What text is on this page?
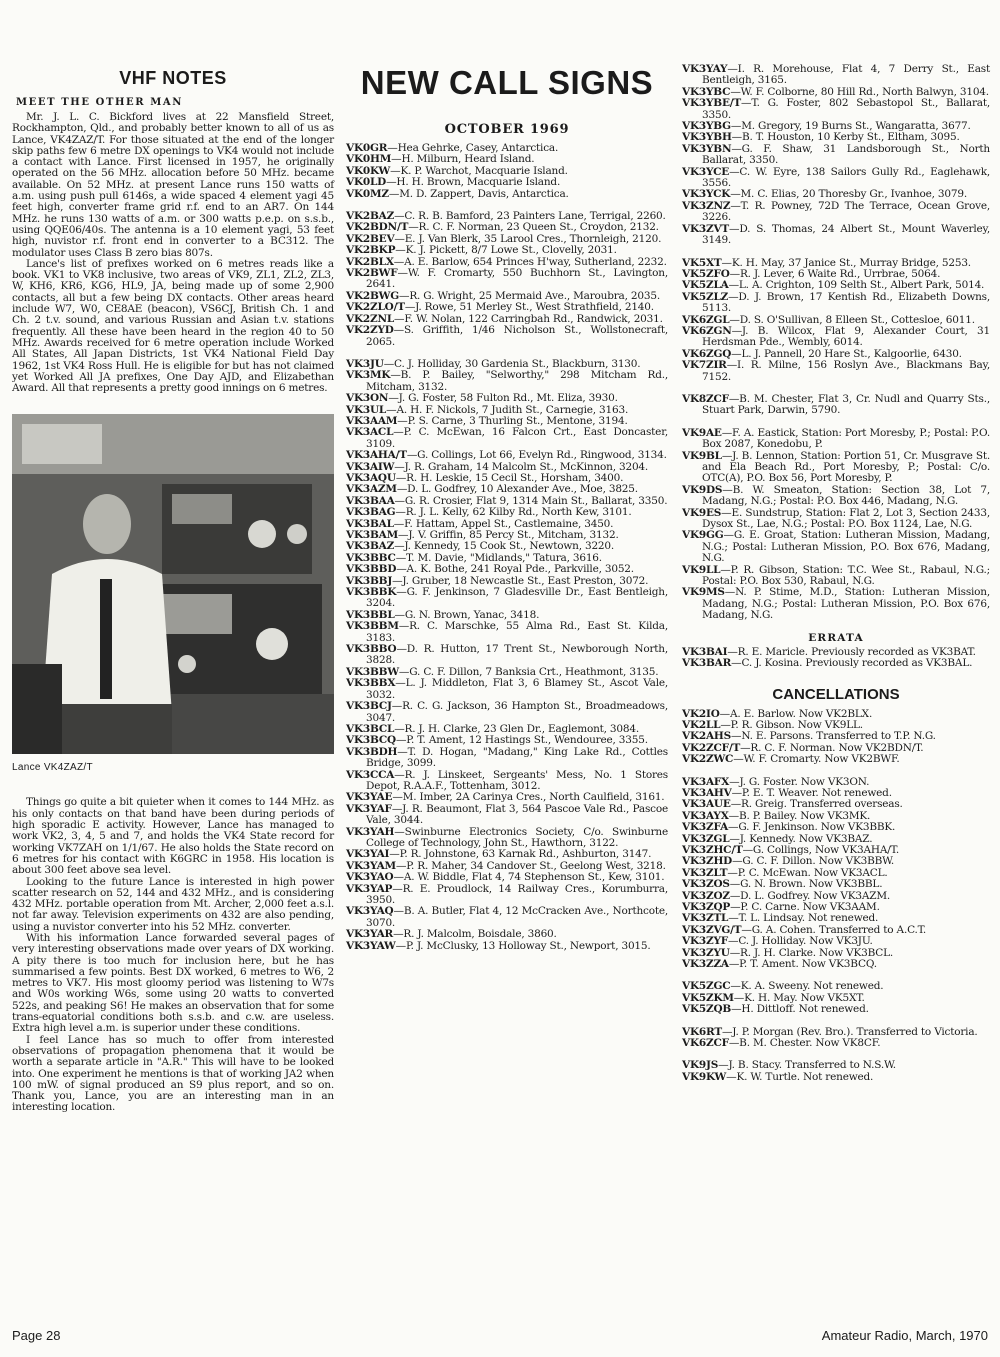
VHF NOTES
MEET THE OTHER MAN

Mr. J. L. C. Bickford lives at 22 Mansfield Street, Rockhampton, Qld., and probably better known to all of us as Lance, VK4ZAZ/T. For those situated at the end of the longer skip paths few 6 metre DX openings to VK4 would not include a contact with Lance. First licensed in 1957, he originally operated on the 56 MHz. allocation before 50 MHz. became available. On 52 MHz. at present Lance runs 150 watts of a.m. using push pull 6146s, a wide spaced 4 element yagi 45 feet high, converter frame grid r.f. end to an AR7. On 144 MHz. he runs 130 watts of a.m. or 300 watts p.e.p. on s.s.b., using QQE06/40s. The antenna is a 10 element yagi, 53 feet high, nuvistor r.f. front end in converter to a BC312. The modulator uses Class B zero bias 807s.

Lance's list of prefixes worked on 6 metres reads like a book. VK1 to VK8 inclusive, two areas of VK9, ZL1, ZL2, ZL3, W, KH6, KR6, KG6, HL9, JA, being made up of some 2,900 contacts, all but a few being DX contacts. Other areas heard include W7, W0, CE8AE (beacon), VS6CJ, British Ch. 1 and Ch. 2 t.v. sound, and various Russian and Asian t.v. stations frequently. All these have been heard in the region 40 to 50 MHz. Awards received for 6 metre operation include Worked All States, All Japan Districts, 1st VK4 National Field Day 1962, 1st VK4 Ross Hull. He is eligible for but has not claimed yet Worked All JA prefixes, One Day AJD, and Elizabethan Award. All that represents a pretty good innings on 6 metres.

Lance VK4ZAZ/T

Things go quite a bit quieter when it comes to 144 MHz. as his only contacts on that band have been during periods of high sporadic E activity. However, Lance has managed to work VK2, 3, 4, 5 and 7, and holds the VK4 State record for working VK7ZAH on 1/1/67. He also holds the State record on 6 metres for his contact with K6GRC in 1958. His location is about 300 feet above sea level.

Looking to the future Lance is interested in high power scatter research on 52, 144 and 432 MHz., and is considering 432 MHz. portable operation from Mt. Archer, 2,000 feet a.s.l. not far away. Television experiments on 432 are also pending, using a nuvistor converter into his 52 MHz. converter.

With his information Lance forwarded several pages of very interesting observations made over years of DX working. A pity there is too much for inclusion here, but he has summarised a few points. Best DX worked, 6 metres to W6, 2 metres to VK7. His most gloomy period was listening to W7s and W0s working W6s, some using 20 watts to converted 522s, and peaking S6! He makes an observation that for some trans-equatorial conditions both s.s.b. and c.w. are useless. Extra high level a.m. is superior under these conditions.

I feel Lance has so much to offer from interested observations of propagation phenomena that it would be worth a separate article in "A.R." This will have to be looked into. One experiment he mentions is that of working JA2 when 100 mW. of signal produced an S9 plus report, and so on. Thank you, Lance, you are an interesting man in an interesting location.

NEW CALL SIGNS
OCTOBER 1969
VK0GR—Hea Gehrke, Casey, Antarctica.
VK0HM—H. Milburn, Heard Island.
VK0KW—K. P. Warchot, Macquarie Island.
VK0LD—H. H. Brown, Macquarie Island.
VK0MZ—M. D. Zappert, Davis, Antarctica.
VK2BAZ—C. R. B. Bamford, 23 Painters Lane, Terrigal, 2260.
VK2BDN/T—R. C. F. Norman, 23 Queen St., Croydon, 2132.
VK2BEV—E. J. Van Blerk, 35 Larool Cres., Thornleigh, 2120.
VK2BKP—K. J. Pickett, 8/7 Lowe St., Clovelly, 2031.
VK2BLX—A. E. Barlow, 654 Princes H'way, Sutherland, 2232.
VK2BWF—W. F. Cromarty, 550 Buchhorn St., Lavington, 2641.
VK2BWG—R. G. Wright, 25 Mermaid Ave., Maroubra, 2035.
VK2ZLO/T—J. Rowe, 51 Merley St., West Strathfield, 2140.
VK2ZNL—F. W. Nolan, 122 Carringbah Rd., Randwick, 2031.
VK2ZYD—S. Griffith, 1/46 Nicholson St., Wollstonecraft, 2065.
VK3JU—C. J. Holliday, 30 Gardenia St., Blackburn, 3130.
VK3MK—B. P. Bailey, "Selworthy," 298 Mitcham Rd., Mitcham, 3132.
VK3ON—J. G. Foster, 58 Fulton Rd., Mt. Eliza, 3930.
VK3UL—A. H. F. Nickols, 7 Judith St., Carnegie, 3163.
VK3AAM—P. S. Carne, 3 Thurling St., Mentone, 3194.
VK3ACL—P. C. McEwan, 16 Falcon Crt., East Doncaster, 3109.
VK3AHA/T—G. Collings, Lot 66, Evelyn Rd., Ringwood, 3134.
VK3AIW—J. R. Graham, 14 Malcolm St., McKinnon, 3204.
VK3AQU—R. H. Leskie, 15 Cecil St., Horsham, 3400.
VK3AZM—D. L. Godfrey, 10 Alexander Ave., Moe, 3825.
VK3BAA—G. R. Crosier, Flat 9, 1314 Main St., Ballarat, 3350.
VK3BAG—R. J. L. Kelly, 62 Kilby Rd., North Kew, 3101.
VK3BAL—F. Hattam, Appel St., Castlemaine, 3450.
VK3BAM—J. V. Griffin, 85 Percy St., Mitcham, 3132.
VK3BAZ—J. Kennedy, 15 Cook St., Newtown, 3220.
VK3BBC—T. M. Davie, "Midlands," Tatura, 3616.
VK3BBD—A. K. Bothe, 241 Royal Pde., Parkville, 3052.
VK3BBJ—J. Gruber, 18 Newcastle St., East Preston, 3072.
VK3BBK—G. F. Jenkinson, 7 Gladesville Dr., East Bentleigh, 3204.
VK3BBL—G. N. Brown, Yanac, 3418.
VK3BBM—R. C. Marschke, 55 Alma Rd., East St. Kilda, 3183.
VK3BBO—D. R. Hutton, 17 Trent St., Newborough North, 3828.
VK3BBW—G. C. F. Dillon, 7 Banksia Crt., Heathmont, 3135.
VK3BBX—L. J. Middleton, Flat 3, 6 Blamey St., Ascot Vale, 3032.
VK3BCJ—R. C. G. Jackson, 36 Hampton St., Broadmeadows, 3047.
VK3BCL—R. J. H. Clarke, 23 Glen Dr., Eaglemont, 3084.
VK3BCQ—P. T. Ament, 12 Hastings St., Wendouree, 3355.
VK3BDH—T. D. Hogan, "Madang," King Lake Rd., Cottles Bridge, 3099.
VK3CCA—R. J. Linskeet, Sergeants' Mess, No. 1 Stores Depot, R.A.A.F., Tottenham, 3012.
VK3YAE—M. Imber, 2A Carinya Cres., North Caulfield, 3161.
VK3YAF—J. R. Beaumont, Flat 3, 564 Pascoe Vale Rd., Pascoe Vale, 3044.
VK3YAH—Swinburne Electronics Society, C/o. Swinburne College of Technology, John St., Hawthorn, 3122.
VK3YAI—P. R. Johnstone, 63 Karnak Rd., Ashburton, 3147.
VK3YAM—P. R. Maher, 34 Candover St., Geelong West, 3218.
VK3YAO—A. W. Biddle, Flat 4, 74 Stephenson St., Kew, 3101.
VK3YAP—R. E. Proudlock, 14 Railway Cres., Korumburra, 3950.
VK3YAQ—B. A. Butler, Flat 4, 12 McCracken Ave., Northcote, 3070.
VK3YAR—R. J. Malcolm, Boisdale, 3860.
VK3YAW—P. J. McClusky, 13 Holloway St., Newport, 3015.
VK3YAY—I. R. Morehouse, Flat 4, 7 Derry St., East Bentleigh, 3165.
VK3YBC—W. F. Colborne, 80 Hill Rd., North Balwyn, 3104.
VK3YBE/T—T. G. Foster, 802 Sebastopol St., Ballarat, 3350.
VK3YBG—M. Gregory, 19 Burns St., Wangaratta, 3677.
VK3YBH—B. T. Houston, 10 Kerby St., Eltham, 3095.
VK3YBN—G. F. Shaw, 31 Landsborough St., North Ballarat, 3350.
VK3YCE—C. W. Eyre, 138 Sailors Gully Rd., Eaglehawk, 3556.
VK3YCK—M. C. Elias, 20 Thoresby Gr., Ivanhoe, 3079.
VK3ZNZ—T. R. Powney, 72D The Terrace, Ocean Grove, 3226.
VK3ZVT—D. S. Thomas, 24 Albert St., Mount Waverley, 3149.
VK5XT—K. H. May, 37 Janice St., Murray Bridge, 5253.
VK5ZFO—R. J. Lever, 6 Waite Rd., Urrbrae, 5064.
VK5ZLA—L. A. Crighton, 109 Selth St., Albert Park, 5014.
VK5ZLZ—D. J. Brown, 17 Kentish Rd., Elizabeth Downs, 5113.
VK6ZGL—D. S. O'Sullivan, 8 Elleen St., Cottesloe, 6011.
VK6ZGN—J. B. Wilcox, Flat 9, Alexander Court, 31 Herdsman Pde., Wembly, 6014.
VK6ZGQ—L. J. Pannell, 20 Hare St., Kalgoorlie, 6430.
VK7ZIR—I. R. Milne, 156 Roslyn Ave., Blackmans Bay, 7152.
VK8ZCF—B. M. Chester, Flat 3, Cr. Nudl and Quarry Sts., Stuart Park, Darwin, 5790.
VK9AE—F. A. Eastick, Station: Port Moresby, P.; Postal: P.O. Box 2087, Konedobu, P.
VK9BL—J. B. Lennon, Station: Portion 51, Cr. Musgrave St. and Ela Beach Rd., Port Moresby, P.; Postal: C/o. OTC(A), P.O. Box 56, Port Moresby, P.
VK9DS—B. W. Smeaton, Station: Section 38, Lot 7, Madang, N.G.; Postal: P.O. Box 446, Madang, N.G.
VK9ES—E. Sundstrup, Station: Flat 2, Lot 3, Section 2433, Dysox St., Lae, N.G.; Postal: P.O. Box 1124, Lae, N.G.
VK9GG—G. E. Groat, Station: Lutheran Mission, Madang, N.G.; Postal: Lutheran Mission, P.O. Box 676, Madang, N.G.
VK9LL—P. R. Gibson, Station: T.C. Wee St., Rabaul, N.G.; Postal: P.O. Box 530, Rabaul, N.G.
VK9MS—N. P. Stime, M.D., Station: Lutheran Mission, Madang, N.G.; Postal: Lutheran Mission, P.O. Box 676, Madang, N.G.
ERRATA
VK3BAI—R. E. Maricle. Previously recorded as VK3BAT.
VK3BAR—C. J. Kosina. Previously recorded as VK3BAL.
CANCELLATIONS
VK2IO—A. E. Barlow. Now VK2BLX.
VK2LL—P. R. Gibson. Now VK9LL.
VK2AHS—N. E. Parsons. Transferred to T.P. N.G.
VK2ZCF/T—R. C. F. Norman. Now VK2BDN/T.
VK2ZWC—W. F. Cromarty. Now VK2BWF.
VK3AFX—J. G. Foster. Now VK3ON.
VK3AHV—P. E. T. Weaver. Not renewed.
VK3AUE—R. Greig. Transferred overseas.
VK3AYX—B. P. Bailey. Now VK3MK.
VK3ZFA—G. F. Jenkinson. Now VK3BBK.
VK3ZGL—J. Kennedy. Now VK3BAZ.
VK3ZHC/T—G. Collings, Now VK3AHA/T.
VK3ZHD—G. C. F. Dillon. Now VK3BBW.
VK3ZLT—P. C. McEwan. Now VK3ACL.
VK3ZOS—G. N. Brown. Now VK3BBL.
VK3ZOZ—D. L. Godfrey. Now VK3AZM.
VK3ZQP—P. C. Carne. Now VK3AAM.
VK3ZTL—T. L. Lindsay. Not renewed.
VK3ZVG/T—G. A. Cohen. Transferred to A.C.T.
VK3ZYF—C. J. Holliday. Now VK3JU.
VK3ZYU—R. J. H. Clarke. Now VK3BCL.
VK3ZZA—P. T. Ament. Now VK3BCQ.
VK5ZGC—K. A. Sweeny. Not renewed.
VK5ZKM—K. H. May. Now VK5XT.
VK5ZQB—H. Dittloff. Not renewed.
VK6RT—J. P. Morgan (Rev. Bro.). Transferred to Victoria.
VK6ZCF—B. M. Chester. Now VK8CF.
VK9JS—J. B. Stacy. Transferred to N.S.W.
VK9KW—K. W. Turtle. Not renewed.
Page 28	Amateur Radio, March, 1970
